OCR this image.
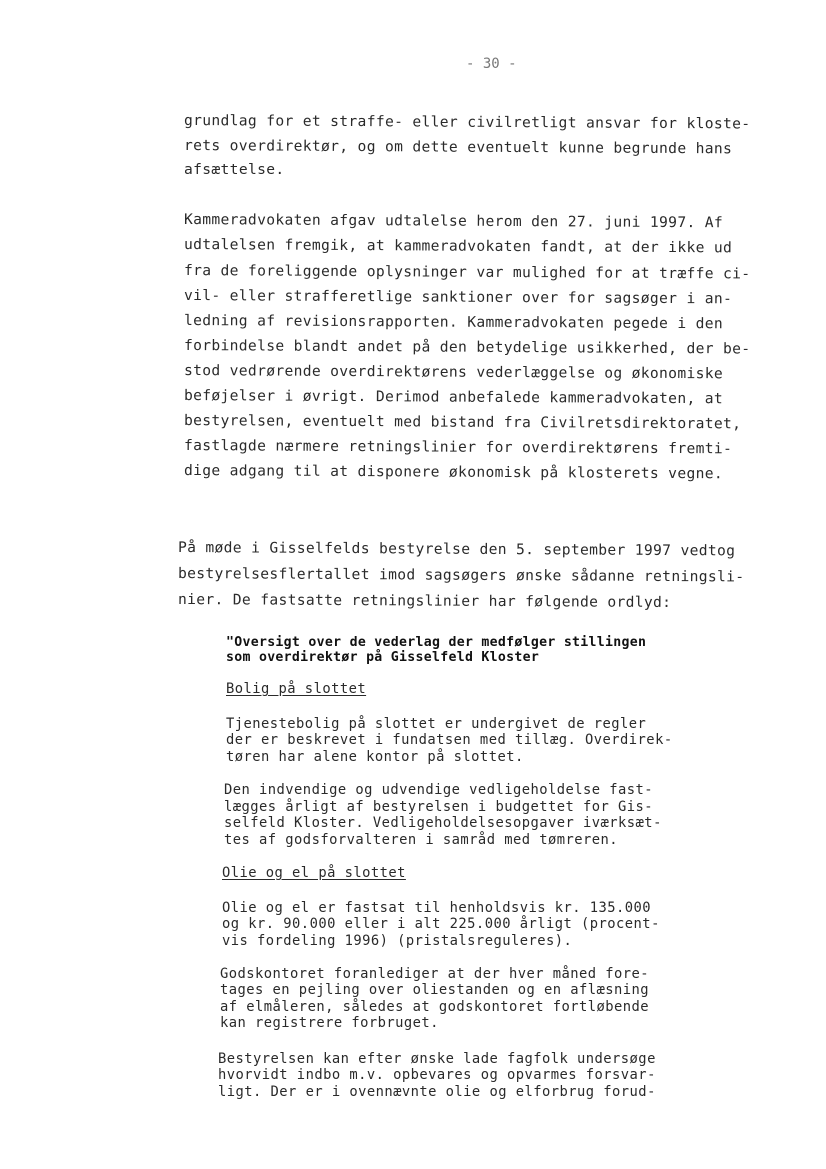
- 30 -
grundlag for et straffe- eller civilretligt ansvar for kloste-
rets overdirektør, og om dette eventuelt kunne begrunde hans
afsættelse.
Kammeradvokaten afgav udtalelse herom den 27. juni 1997. Af
udtalelsen fremgik, at kammeradvokaten fandt, at der ikke ud
fra de foreliggende oplysninger var mulighed for at træffe ci-
vil- eller strafferetlige sanktioner over for sagsøger i an-
ledning af revisionsrapporten. Kammeradvokaten pegede i den
forbindelse blandt andet på den betydelige usikkerhed, der be-
stod vedrørende overdirektørens vederlæggelse og økonomiske
beføjelser i øvrigt. Derimod anbefalede kammeradvokaten, at
bestyrelsen, eventuelt med bistand fra Civilretsdirektoratet,
fastlagde nærmere retningslinier for overdirektørens fremti-
dige adgang til at disponere økonomisk på klosterets vegne.
På møde i Gisselfelds bestyrelse den 5. september 1997 vedtog
bestyrelsesflertallet imod sagsøgers ønske sådanne retningsli-
nier. De fastsatte retningslinier har følgende ordlyd:
"Oversigt over de vederlag der medfølger stillingen
som overdirektør på Gisselfeld Kloster
Bolig på slottet
Tjenestebolig på slottet er undergivet de regler
der er beskrevet i fundatsen med tillæg. Overdirek-
tøren har alene kontor på slottet.
Den indvendige og udvendige vedligeholdelse fast-
lægges årligt af bestyrelsen i budgettet for Gis-
selfeld Kloster. Vedligeholdelsesopgaver iværksæt-
tes af godsforvalteren i samråd med tømreren.
Olie og el på slottet
Olie og el er fastsat til henholdsvis kr. 135.000
og kr. 90.000 eller i alt 225.000 årligt (procent-
vis fordeling 1996) (pristalsreguleres).
Godskontoret foranlediger at der hver måned fore-
tages en pejling over oliestanden og en aflæsning
af elmåleren, således at godskontoret fortløbende
kan registrere forbruget.
Bestyrelsen kan efter ønske lade fagfolk undersøge
hvorvidt indbo m.v. opbevares og opvarmes forsvar-
ligt. Der er i ovennævnte olie og elforbrug forud-
